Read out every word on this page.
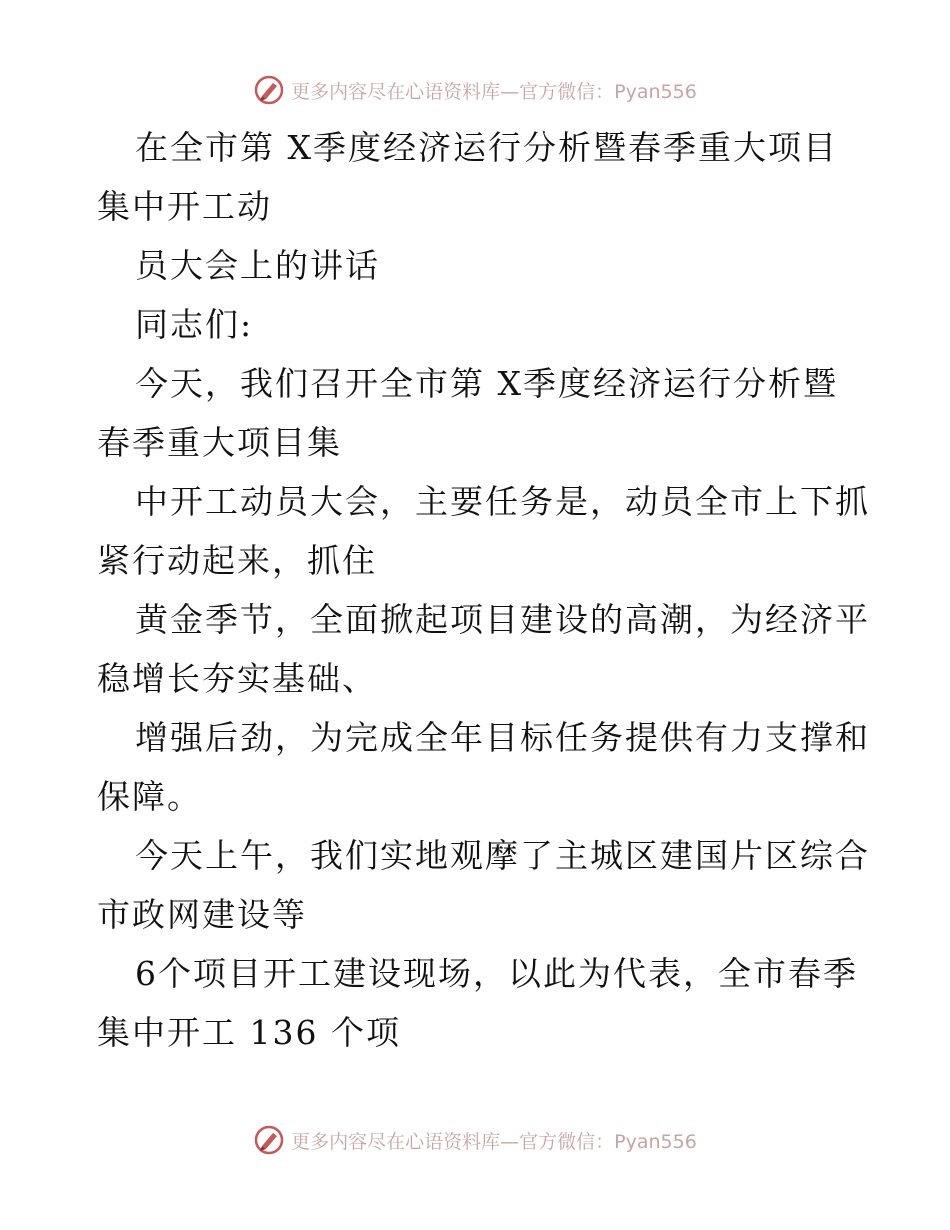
更多内容尽在心语资料库—官方微信：Pyan556
在全市第 X季度经济运行分析暨春季重大项目
集中开工动
员大会上的讲话
同志们:
今天，我们召开全市第 X季度经济运行分析暨
春季重大项目集
中开工动员大会，主要任务是，动员全市上下抓
紧行动起来，抓住
黄金季节，全面掀起项目建设的高潮，为经济平
稳增长夯实基础、
增强后劲，为完成全年目标任务提供有力支撑和
保障。
今天上午，我们实地观摩了主城区建国片区综合
市政网建设等
6个项目开工建设现场，以此为代表，全市春季
集中开工 136 个项
更多内容尽在心语资料库—官方微信：Pyan556
